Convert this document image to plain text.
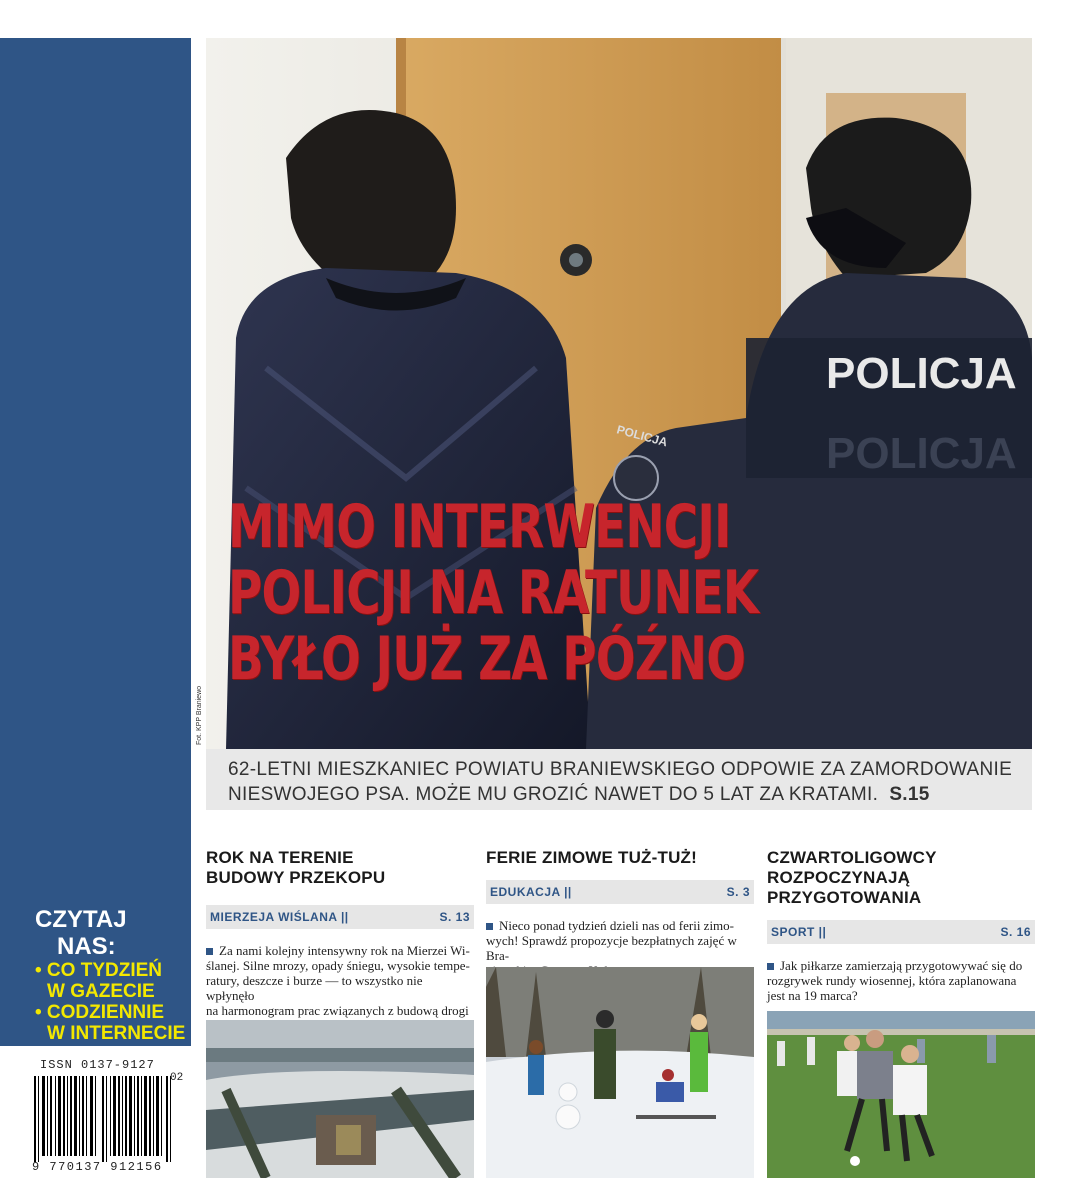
CZYTAJ
NAS:
• CO TYDZIEŃ
W GAZECIE
• CODZIENNIE
W INTERNECIE
ISSN 0137-9127
02
9 770137 912156
POLICJA
POLICJA
POLICJA
MIMO INTERWENCJI
POLICJI NA RATUNEK
BYŁO JUŻ ZA PÓŹNO
Fot. KPP Braniewo

62-LETNI MIESZKANIEC POWIATU BRANIEWSKIEGO ODPOWIE ZA ZAMORDOWANIE
NIESWOJEGO PSA. MOŻE MU GROZIĆ NAWET DO 5 LAT ZA KRATAMI. S.15

ROK NA TERENIE
BUDOWY PRZEKOPU
MIERZEJA WIŚLANA ||	S. 13
Za nami kolejny intensywny rok na Mierzei Wi-
ślanej. Silne mrozy, opady śniegu, wysokie tempe-
ratury, deszcze i burze — to wszystko nie wpłynęło
na harmonogram prac związanych z budową drogi
FERIE ZIMOWE TUŻ-TUŻ!
EDUKACJA ||	S. 3
Nieco ponad tydzień dzieli nas od ferii zimo-
wych! Sprawdź propozycje bezpłatnych zajęć w Bra-
CZWARTOLIGOWCY
ROZPOCZYNAJĄ
PRZYGOTOWANIA
SPORT ||	S. 16
Jak piłkarze zamierzają przygotowywać się do
rozgrywek rundy wiosennej, która zaplanowana
jest na 19 marca?
